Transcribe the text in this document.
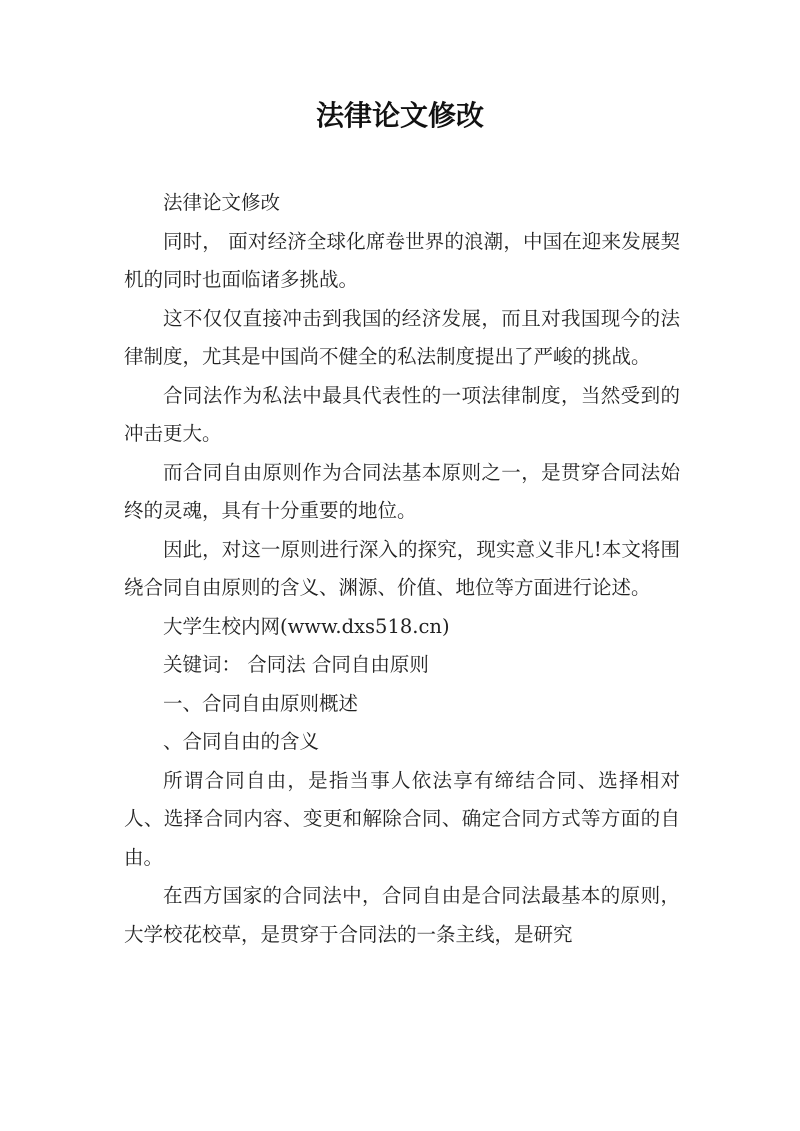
法律论文修改

法律论文修改

同时， 面对经济全球化席卷世界的浪潮，中国在迎来发展契机的同时也面临诸多挑战。

这不仅仅直接冲击到我国的经济发展，而且对我国现今的法律制度，尤其是中国尚不健全的私法制度提出了严峻的挑战。

合同法作为私法中最具代表性的一项法律制度，当然受到的冲击更大。

而合同自由原则作为合同法基本原则之一，是贯穿合同法始终的灵魂，具有十分重要的地位。

因此，对这一原则进行深入的探究，现实意义非凡!本文将围绕合同自由原则的含义、渊源、价值、地位等方面进行论述。

大学生校内网(www.dxs518.cn)

关键词： 合同法 合同自由原则

一、合同自由原则概述

、合同自由的含义

所谓合同自由，是指当事人依法享有缔结合同、选择相对人、选择合同内容、变更和解除合同、确定合同方式等方面的自由。

在西方国家的合同法中，合同自由是合同法最基本的原则， 大学校花校草，是贯穿于合同法的一条主线，是研究
